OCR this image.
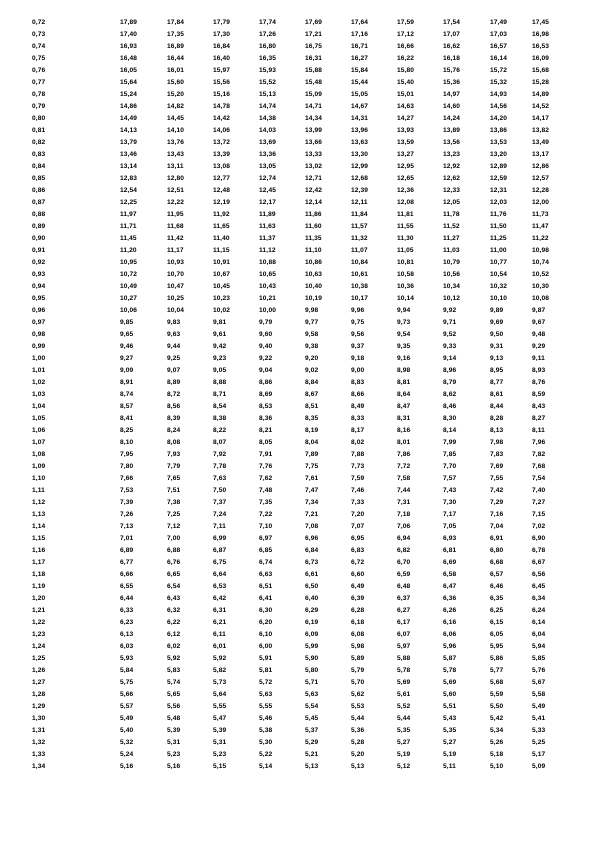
0,72	17,89	17,84	17,79	17,74	17,69	17,64	17,59	17,54	17,49	17,45
0,73	17,40	17,35	17,30	17,26	17,21	17,16	17,12	17,07	17,03	16,98
0,74	16,93	16,89	16,84	16,80	16,75	16,71	16,66	16,62	16,57	16,53
0,75	16,48	16,44	16,40	16,35	16,31	16,27	16,22	16,18	16,14	16,09
0,76	16,05	16,01	15,97	15,93	15,88	15,84	15,80	15,76	15,72	15,68
0,77	15,64	15,60	15,56	15,52	15,48	15,44	15,40	15,36	15,32	15,28
0,78	15,24	15,20	15,16	15,13	15,09	15,05	15,01	14,97	14,93	14,89
0,79	14,86	14,82	14,78	14,74	14,71	14,67	14,63	14,60	14,56	14,52
0,80	14,49	14,45	14,42	14,38	14,34	14,31	14,27	14,24	14,20	14,17
0,81	14,13	14,10	14,06	14,03	13,99	13,96	13,93	13,89	13,86	13,82
0,82	13,79	13,76	13,72	13,69	13,66	13,63	13,59	13,56	13,53	13,49
0,83	13,46	13,43	13,39	13,36	13,33	13,30	13,27	13,23	13,20	13,17
0,84	13,14	13,11	13,08	13,05	13,02	12,99	12,95	12,92	12,89	12,86
0,85	12,83	12,80	12,77	12,74	12,71	12,68	12,65	12,62	12,59	12,57
0,86	12,54	12,51	12,48	12,45	12,42	12,39	12,36	12,33	12,31	12,28
0,87	12,25	12,22	12,19	12,17	12,14	12,11	12,08	12,05	12,03	12,00
0,88	11,97	11,95	11,92	11,89	11,86	11,84	11,81	11,78	11,76	11,73
0,89	11,71	11,68	11,65	11,63	11,60	11,57	11,55	11,52	11,50	11,47
0,90	11,45	11,42	11,40	11,37	11,35	11,32	11,30	11,27	11,25	11,22
0,91	11,20	11,17	11,15	11,12	11,10	11,07	11,05	11,03	11,00	10,98
0,92	10,95	10,93	10,91	10,88	10,86	10,84	10,81	10,79	10,77	10,74
0,93	10,72	10,70	10,67	10,65	10,63	10,61	10,58	10,56	10,54	10,52
0,94	10,49	10,47	10,45	10,43	10,40	10,38	10,36	10,34	10,32	10,30
0,95	10,27	10,25	10,23	10,21	10,19	10,17	10,14	10,12	10,10	10,08
0,96	10,06	10,04	10,02	10,00	9,98	9,96	9,94	9,92	9,89	9,87
0,97	9,85	9,83	9,81	9,79	9,77	9,75	9,73	9,71	9,69	9,67
0,98	9,65	9,63	9,61	9,60	9,58	9,56	9,54	9,52	9,50	9,48
0,99	9,46	9,44	9,42	9,40	9,38	9,37	9,35	9,33	9,31	9,29
1,00	9,27	9,25	9,23	9,22	9,20	9,18	9,16	9,14	9,13	9,11
1,01	9,09	9,07	9,05	9,04	9,02	9,00	8,98	8,96	8,95	8,93
1,02	8,91	8,89	8,88	8,86	8,84	8,83	8,81	8,79	8,77	8,76
1,03	8,74	8,72	8,71	8,69	8,67	8,66	8,64	8,62	8,61	8,59
1,04	8,57	8,56	8,54	8,53	8,51	8,49	8,47	8,46	8,44	8,43
1,05	8,41	8,39	8,38	8,36	8,35	8,33	8,31	8,30	8,28	8,27
1,06	8,25	8,24	8,22	8,21	8,19	8,17	8,16	8,14	8,13	8,11
1,07	8,10	8,08	8,07	8,05	8,04	8,02	8,01	7,99	7,98	7,96
1,08	7,95	7,93	7,92	7,91	7,89	7,88	7,86	7,85	7,83	7,82
1,09	7,80	7,79	7,78	7,76	7,75	7,73	7,72	7,70	7,69	7,68
1,10	7,66	7,65	7,63	7,62	7,61	7,59	7,58	7,57	7,55	7,54
1,11	7,53	7,51	7,50	7,48	7,47	7,46	7,44	7,43	7,42	7,40
1,12	7,39	7,38	7,37	7,35	7,34	7,33	7,31	7,30	7,29	7,27
1,13	7,26	7,25	7,24	7,22	7,21	7,20	7,18	7,17	7,16	7,15
1,14	7,13	7,12	7,11	7,10	7,08	7,07	7,06	7,05	7,04	7,02
1,15	7,01	7,00	6,99	6,97	6,96	6,95	6,94	6,93	6,91	6,90
1,16	6,89	6,88	6,87	6,85	6,84	6,83	6,82	6,81	6,80	6,78
1,17	6,77	6,76	6,75	6,74	6,73	6,72	6,70	6,69	6,68	6,67
1,18	6,66	6,65	6,64	6,63	6,61	6,60	6,59	6,58	6,57	6,56
1,19	6,55	6,54	6,53	6,51	6,50	6,49	6,48	6,47	6,46	6,45
1,20	6,44	6,43	6,42	6,41	6,40	6,39	6,37	6,36	6,35	6,34
1,21	6,33	6,32	6,31	6,30	6,29	6,28	6,27	6,26	6,25	6,24
1,22	6,23	6,22	6,21	6,20	6,19	6,18	6,17	6,16	6,15	6,14
1,23	6,13	6,12	6,11	6,10	6,09	6,08	6,07	6,06	6,05	6,04
1,24	6,03	6,02	6,01	6,00	5,99	5,98	5,97	5,96	5,95	5,94
1,25	5,93	5,92	5,92	5,91	5,90	5,89	5,88	5,87	5,86	5,85
1,26	5,84	5,83	5,82	5,81	5,80	5,79	5,78	5,78	5,77	5,76
1,27	5,75	5,74	5,73	5,72	5,71	5,70	5,69	5,69	5,68	5,67
1,28	5,66	5,65	5,64	5,63	5,63	5,62	5,61	5,60	5,59	5,58
1,29	5,57	5,56	5,55	5,55	5,54	5,53	5,52	5,51	5,50	5,49
1,30	5,49	5,48	5,47	5,46	5,45	5,44	5,44	5,43	5,42	5,41
1,31	5,40	5,39	5,39	5,38	5,37	5,36	5,35	5,35	5,34	5,33
1,32	5,32	5,31	5,31	5,30	5,29	5,28	5,27	5,27	5,26	5,25
1,33	5,24	5,23	5,23	5,22	5,21	5,20	5,19	5,19	5,18	5,17
1,34	5,16	5,16	5,15	5,14	5,13	5,13	5,12	5,11	5,10	5,09
